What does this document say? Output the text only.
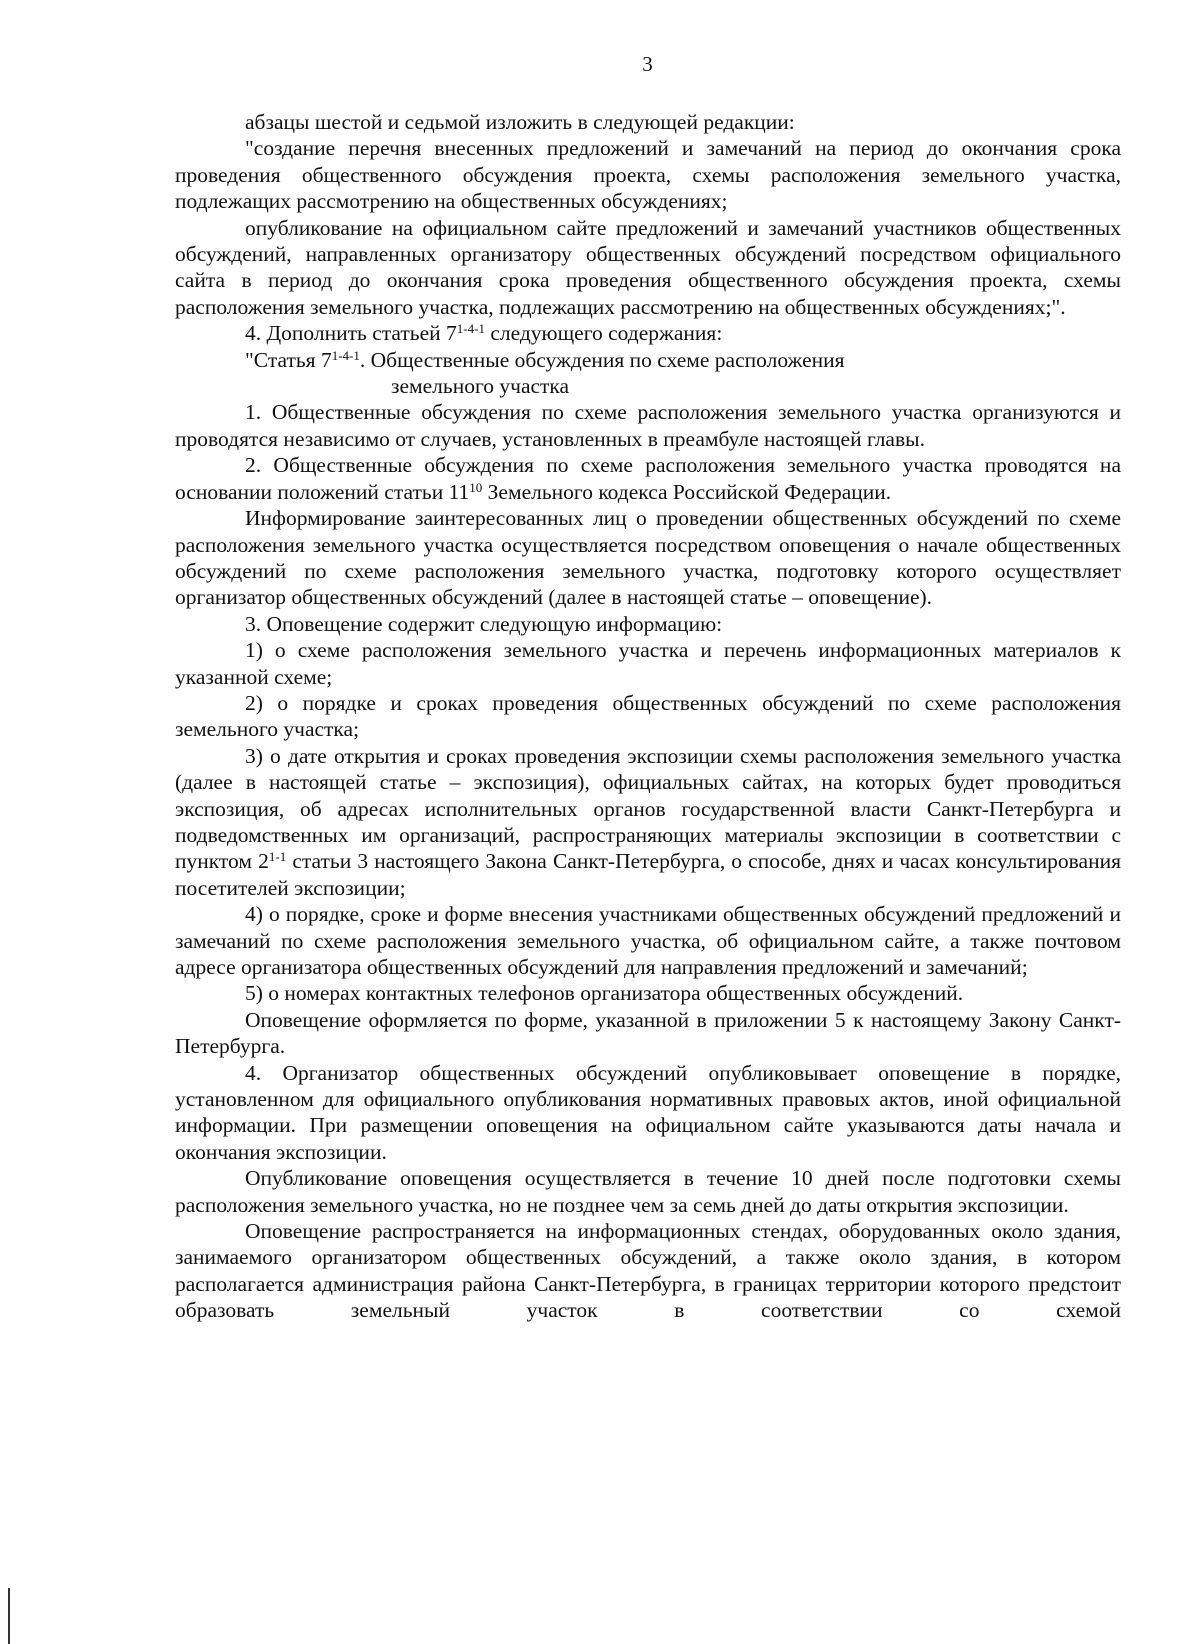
3

абзацы шестой и седьмой изложить в следующей редакции:

"создание перечня внесенных предложений и замечаний на период до окончания срока проведения общественного обсуждения проекта, схемы расположения земельного участка, подлежащих рассмотрению на общественных обсуждениях;

опубликование на официальном сайте предложений и замечаний участников общественных обсуждений, направленных организатору общественных обсуждений посредством официального сайта в период до окончания срока проведения общественного обсуждения проекта, схемы расположения земельного участка, подлежащих рассмотрению на общественных обсуждениях;".

4. Дополнить статьей 7$^{1-4-1}$ следующего содержания:

"Статья 7$^{1-4-1}$. Общественные обсуждения по схеме расположения

земельного участка

1. Общественные обсуждения по схеме расположения земельного участка организуются и проводятся независимо от случаев, установленных в преамбуле настоящей главы.

2. Общественные обсуждения по схеме расположения земельного участка проводятся на основании положений статьи $11^{10}$ Земельного кодекса Российской Федерации.

Информирование заинтересованных лиц о проведении общественных обсуждений по схеме расположения земельного участка осуществляется посредством оповещения о начале общественных обсуждений по схеме расположения земельного участка, подготовку которого осуществляет организатор общественных обсуждений (далее в настоящей статье – оповещение).

3. Оповещение содержит следующую информацию:

1) о схеме расположения земельного участка и перечень информационных материалов к указанной схеме;

2) о порядке и сроках проведения общественных обсуждений по схеме расположения земельного участка;

3) о дате открытия и сроках проведения экспозиции схемы расположения земельного участка (далее в настоящей статье – экспозиция), официальных сайтах, на которых будет проводиться экспозиция, об адресах исполнительных органов государственной власти Санкт-Петербурга и подведомственных им организаций, распространяющих материалы экспозиции в соответствии с пунктом 2$^{1-1}$ статьи 3 настоящего Закона Санкт-Петербурга, о способе, днях и часах консультирования посетителей экспозиции;

4) о порядке, сроке и форме внесения участниками общественных обсуждений предложений и замечаний по схеме расположения земельного участка, об официальном сайте, а также почтовом адресе организатора общественных обсуждений для направления предложений и замечаний;

5) о номерах контактных телефонов организатора общественных обсуждений.

Оповещение оформляется по форме, указанной в приложении 5 к настоящему Закону Санкт-Петербурга.

4. Организатор общественных обсуждений опубликовывает оповещение в порядке, установленном для официального опубликования нормативных правовых актов, иной официальной информации. При размещении оповещения на официальном сайте указываются даты начала и окончания экспозиции.

Опубликование оповещения осуществляется в течение 10 дней после подготовки схемы расположения земельного участка, но не позднее чем за семь дней до даты открытия экспозиции.

Оповещение распространяется на информационных стендах, оборудованных около здания, занимаемого организатором общественных обсуждений, а также около здания, в котором располагается администрация района Санкт-Петербурга, в границах территории которого предстоит образовать земельный участок в соответствии со схемой
